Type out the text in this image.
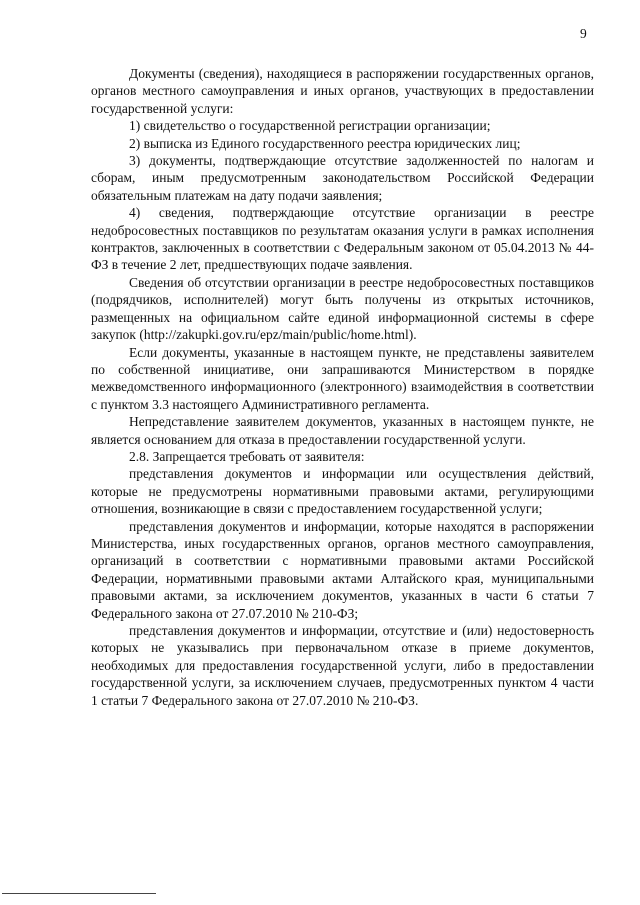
9

Документы (сведения), находящиеся в распоряжении государственных органов, органов местного самоуправления и иных органов, участвующих в предоставлении государственной услуги:

1) свидетельство о государственной регистрации организации;

2) выписка из Единого государственного реестра юридических лиц;

3) документы, подтверждающие отсутствие задолженностей по налогам и сборам, иным предусмотренным законодательством Российской Федерации обязательным платежам на дату подачи заявления;

4) сведения, подтверждающие отсутствие организации в реестре недобросовестных поставщиков по результатам оказания услуги в рамках исполнения контрактов, заключенных в соответствии с Федеральным законом от 05.04.2013 № 44-ФЗ в течение 2 лет, предшествующих подаче заявления.

Сведения об отсутствии организации в реестре недобросовестных поставщиков (подрядчиков, исполнителей) могут быть получены из открытых источников, размещенных на официальном сайте единой информационной системы в сфере закупок (http://zakupki.gov.ru/epz/main/public/home.html).

Если документы, указанные в настоящем пункте, не представлены заявителем по собственной инициативе, они запрашиваются Министерством в порядке межведомственного информационного (электронного) взаимодействия в соответствии с пунктом 3.3 настоящего Административного регламента.

Непредставление заявителем документов, указанных в настоящем пункте, не является основанием для отказа в предоставлении государственной услуги.

2.8. Запрещается требовать от заявителя:

представления документов и информации или осуществления действий, которые не предусмотрены нормативными правовыми актами, регулирующими отношения, возникающие в связи с предоставлением государственной услуги;

представления документов и информации, которые находятся в распоряжении Министерства, иных государственных органов, органов местного самоуправления, организаций в соответствии с нормативными правовыми актами Российской Федерации, нормативными правовыми актами Алтайского края, муниципальными правовыми актами, за исключением документов, указанных в части 6 статьи 7 Федерального закона от 27.07.2010 № 210-ФЗ;

представления документов и информации, отсутствие и (или) недостоверность которых не указывались при первоначальном отказе в приеме документов, необходимых для предоставления государственной услуги, либо в предоставлении государственной услуги, за исключением случаев, предусмотренных пунктом 4 части 1 статьи 7 Федерального закона от 27.07.2010 № 210-ФЗ.
